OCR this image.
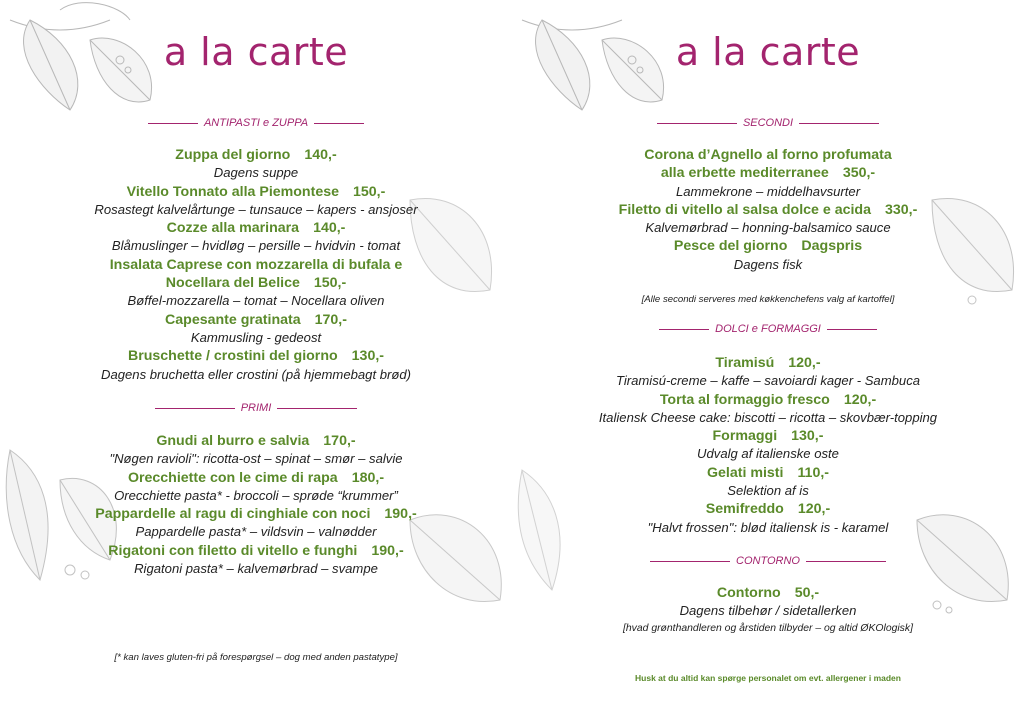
a la carte
ANTIPASTI e ZUPPA
Zuppa del giorno 140,-
Dagens suppe
Vitello Tonnato alla Piemontese 150,-
Rosastegt kalvelårtunge – tunsauce – kapers - ansjoser
Cozze alla marinara 140,-
Blåmuslinger – hvidløg – persille – hvidvin - tomat
Insalata Caprese con mozzarella di bufala e
Nocellara del Belice 150,-
Bøffel-mozzarella – tomat – Nocellara oliven
Capesante gratinata 170,-
Kammusling - gedeost
Bruschette / crostini del giorno 130,-
Dagens bruchetta eller crostini (på hjemmebagt brød)
PRIMI
Gnudi al burro e salvia 170,-
"Nøgen ravioli": ricotta-ost – spinat – smør – salvie
Orecchiette con le cime di rapa 180,-
Orecchiette pasta* - broccoli – sprøde “krummer”
Pappardelle al ragu di cinghiale con noci 190,-
Pappardelle pasta* – vildsvin – valnødder
Rigatoni con filetto di vitello e funghi 190,-
Rigatoni pasta* – kalvemørbrad – svampe
[* kan laves gluten-fri på forespørgsel – dog med anden pastatype]
a la carte
SECONDI
Corona d’Agnello al forno profumata
alla erbette mediterranee 350,-
Lammekrone – middelhavsurter
Filetto di vitello al salsa dolce e acida 330,-
Kalvemørbrad – honning-balsamico sauce
Pesce del giorno Dagspris
Dagens fisk
[Alle secondi serveres med køkkenchefens valg af kartoffel]
DOLCI e FORMAGGI
Tiramisú 120,-
Tiramisú-creme – kaffe – savoiardi kager - Sambuca
Torta al formaggio fresco 120,-
Italiensk Cheese cake: biscotti – ricotta – skovbær-topping
Formaggi 130,-
Udvalg af italienske oste
Gelati misti 110,-
Selektion af is
Semifreddo 120,-
"Halvt frossen": blød italiensk is - karamel
CONTORNO
Contorno 50,-
Dagens tilbehør / sidetallerken
[hvad grønthandleren og årstiden tilbyder – og altid ØKOlogisk]
Husk at du altid kan spørge personalet om evt. allergener i maden
